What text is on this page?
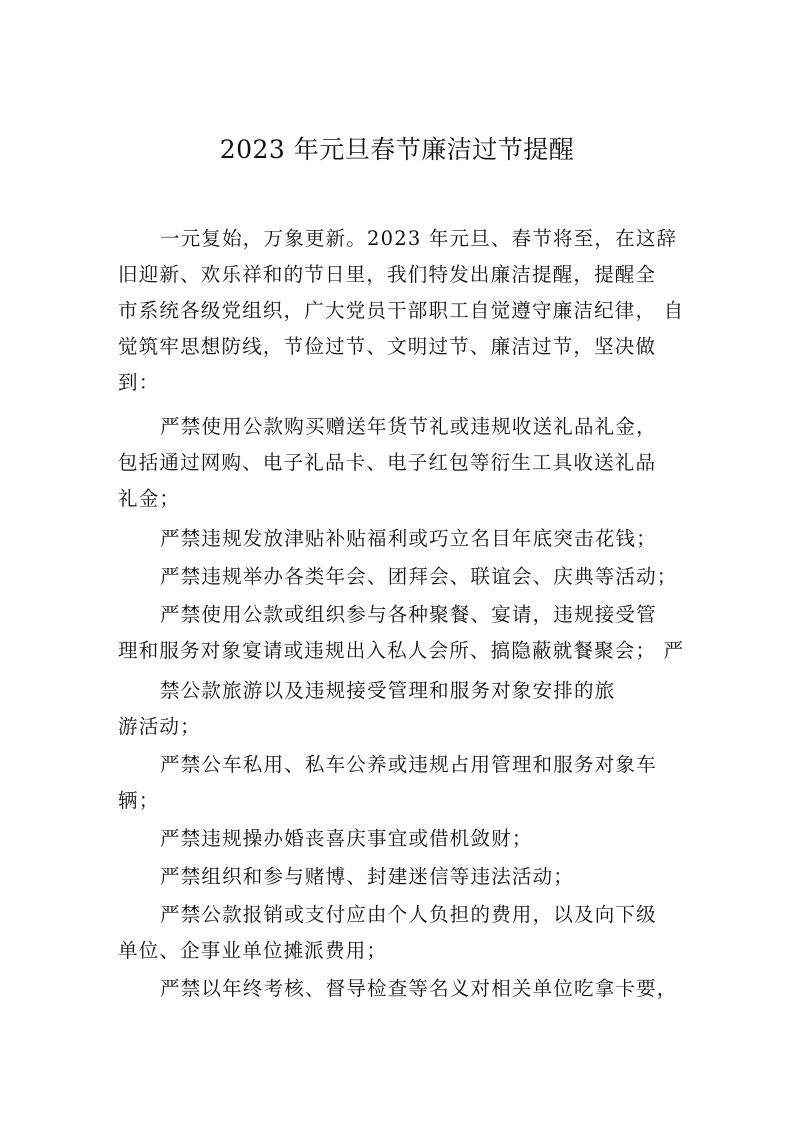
2023 年元旦春节廉洁过节提醒
一元复始，万象更新。2023 年元旦、春节将至，在这辞
旧迎新、欢乐祥和的节日里，我们特发出廉洁提醒，提醒全
市系统各级党组织，广大党员干部职工自觉遵守廉洁纪律， 自
觉筑牢思想防线，节俭过节、文明过节、廉洁过节，坚决做
到：
严禁使用公款购买赠送年货节礼或违规收送礼品礼金，
包括通过网购、电子礼品卡、电子红包等衍生工具收送礼品
礼金；
严禁违规发放津贴补贴福利或巧立名目年底突击花钱；
严禁违规举办各类年会、团拜会、联谊会、庆典等活动；
严禁使用公款或组织参与各种聚餐、宴请，违规接受管
理和服务对象宴请或违规出入私人会所、搞隐蔽就餐聚会； 严
禁公款旅游以及违规接受管理和服务对象安排的旅
游活动；
严禁公车私用、私车公养或违规占用管理和服务对象车
辆；
严禁违规操办婚丧喜庆事宜或借机敛财；
严禁组织和参与赌博、封建迷信等违法活动；
严禁公款报销或支付应由个人负担的费用，以及向下级
单位、企事业单位摊派费用；
严禁以年终考核、督导检查等名义对相关单位吃拿卡要，
